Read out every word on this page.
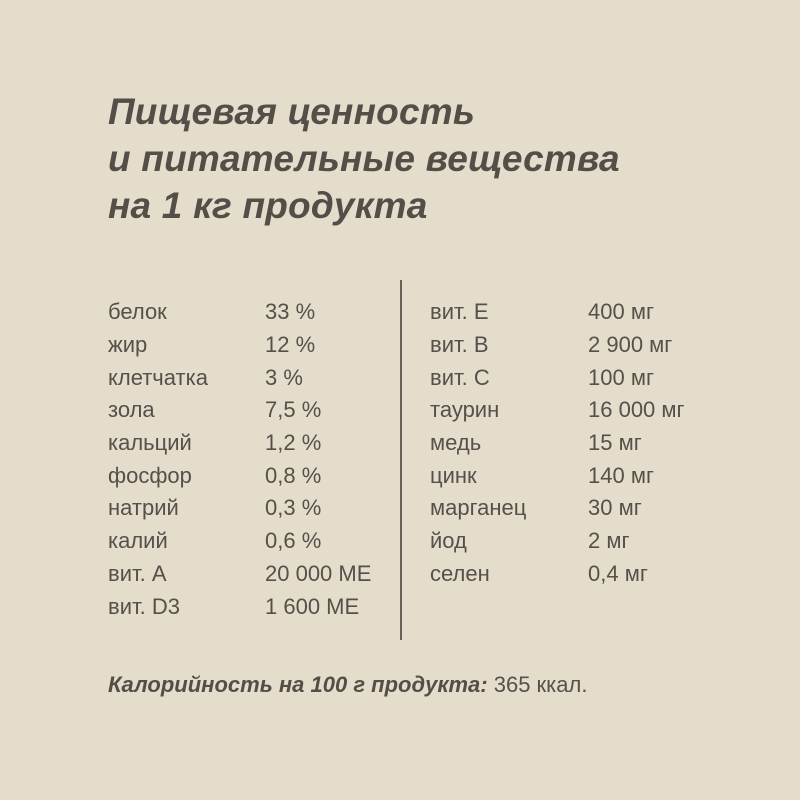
Пищевая ценность
и питательные вещества
на 1 кг продукта
белок	33 %
жир	12 %
клетчатка	3 %
зола	7,5 %
кальций	1,2 %
фосфор	0,8 %
натрий	0,3 %
калий	0,6 %
вит. A	20 000 МЕ
вит. D3	1 600 МЕ
вит. E	400 мг
вит. B	2 900 мг
вит. C	100 мг
таурин	16 000 мг
медь	15 мг
цинк	140 мг
марганец	30 мг
йод	2 мг
селен	0,4 мг
Калорийность на 100 г продукта: 365 ккал.
